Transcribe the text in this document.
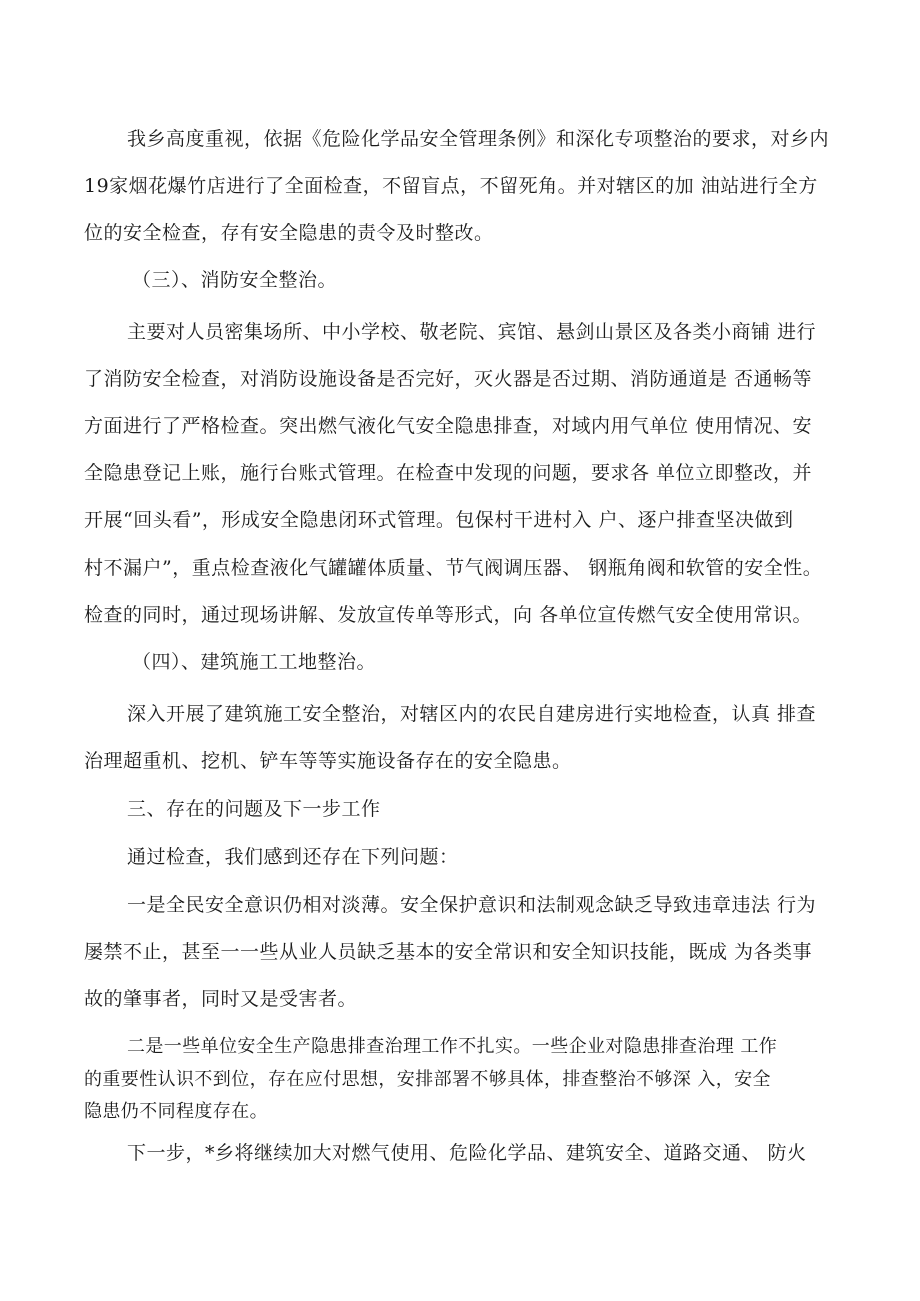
我乡高度重视，依据《危险化学品安全管理条例》和深化专项整治的要求，对乡内
19家烟花爆竹店进行了全面检查，不留盲点，不留死角。并对辖区的加 油站进行全方
位的安全检查，存有安全隐患的责令及时整改。
（三）、消防安全整治。
主要对人员密集场所、中小学校、敬老院、宾馆、悬剑山景区及各类小商铺 进行
了消防安全检查，对消防设施设备是否完好，灭火器是否过期、消防通道是 否通畅等
方面进行了严格检查。突出燃气液化气安全隐患排查，对域内用气单位 使用情况、安
全隐患登记上账，施行台账式管理。在检查中发现的问题，要求各 单位立即整改，并
开展“回头看”，形成安全隐患闭环式管理。包保村干进村入 户、逐户排查坚决做到
村不漏户”，重点检查液化气罐罐体质量、节气阀调压器、 钢瓶角阀和软管的安全性。
检查的同时，通过现场讲解、发放宣传单等形式，向 各单位宣传燃气安全使用常识。
（四）、建筑施工工地整治。
深入开展了建筑施工安全整治，对辖区内的农民自建房进行实地检查，认真 排查
治理超重机、挖机、铲车等等实施设备存在的安全隐患。
三、存在的问题及下一步工作
通过检查，我们感到还存在下列问题：
一是全民安全意识仍相对淡薄。安全保护意识和法制观念缺乏导致违章违法 行为
屡禁不止，甚至一一些从业人员缺乏基本的安全常识和安全知识技能，既成 为各类事
故的肇事者，同时又是受害者。
二是一些单位安全生产隐患排查治理工作不扎实。一些企业对隐患排查治理 工作
的重要性认识不到位，存在应付思想，安排部署不够具体，排查整治不够深 入，安全
隐患仍不同程度存在。
下一步，*乡将继续加大对燃气使用、危险化学品、建筑安全、道路交通、 防火
